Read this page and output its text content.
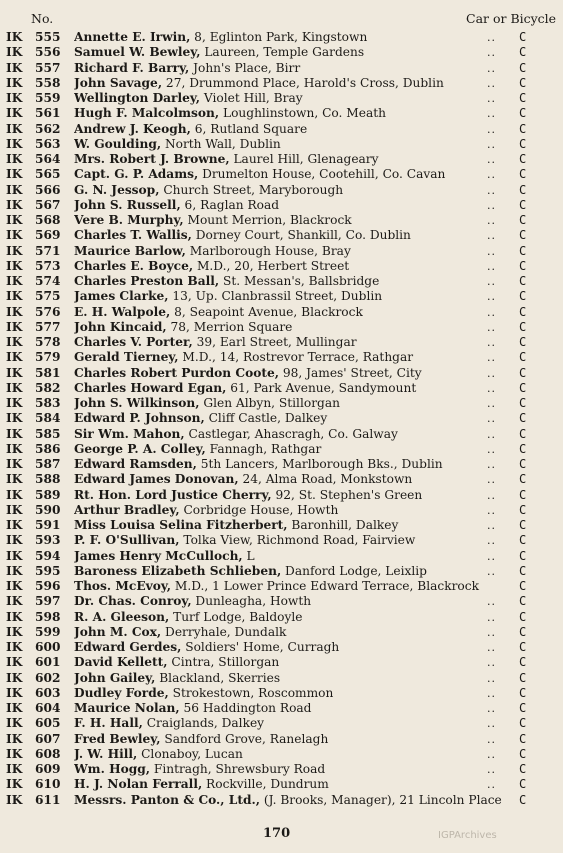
No.	Car or Bicycle
IK 555 Annette E. Irwin, 8, Eglinton Park, Kingstown	.. C
IK 556 Samuel W. Bewley, Laureen, Temple Gardens	.. C
IK 557 Richard F. Barry, John's Place, Birr	.. C
IK 558 John Savage, 27, Drummond Place, Harold's Cross, Dublin	.. C
IK 559 Wellington Darley, Violet Hill, Bray	.. C
IK 561 Hugh F. Malcolmson, Loughlinstown, Co. Meath	.. C
IK 562 Andrew J. Keogh, 6, Rutland Square	.. C
IK 563 W. Goulding, North Wall, Dublin	.. C
IK 564 Mrs. Robert J. Browne, Laurel Hill, Glenageary	.. C
IK 565 Capt. G. P. Adams, Drumelton House, Cootehill, Co. Cavan	.. C
IK 566 G. N. Jessop, Church Street, Maryborough	.. C
IK 567 John S. Russell, 6, Raglan Road	.. C
IK 568 Vere B. Murphy, Mount Merrion, Blackrock	.. C
IK 569 Charles T. Wallis, Dorney Court, Shankill, Co. Dublin	.. C
IK 571 Maurice Barlow, Marlborough House, Bray	.. C
IK 573 Charles E. Boyce, M.D., 20, Herbert Street	.. C
IK 574 Charles Preston Ball, St. Messan's, Ballsbridge	.. C
IK 575 James Clarke, 13, Up. Clanbrassil Street, Dublin	.. C
IK 576 E. H. Walpole, 8, Seapoint Avenue, Blackrock	.. C
IK 577 John Kincaid, 78, Merrion Square	.. C
IK 578 Charles V. Porter, 39, Earl Street, Mullingar	.. C
IK 579 Gerald Tierney, M.D., 14, Rostrevor Terrace, Rathgar	.. C
IK 581 Charles Robert Purdon Coote, 98, James' Street, City	.. C
IK 582 Charles Howard Egan, 61, Park Avenue, Sandymount	.. C
IK 583 John S. Wilkinson, Glen Albyn, Stillorgan	.. C
IK 584 Edward P. Johnson, Cliff Castle, Dalkey	.. C
IK 585 Sir Wm. Mahon, Castlegar, Ahascragh, Co. Galway	.. C
IK 586 George P. A. Colley, Fannagh, Rathgar	.. C
IK 587 Edward Ramsden, 5th Lancers, Marlborough Bks., Dublin	.. C
IK 588 Edward James Donovan, 24, Alma Road, Monkstown	.. C
IK 589 Rt. Hon. Lord Justice Cherry, 92, St. Stephen's Green	.. C
IK 590 Arthur Bradley, Corbridge House, Howth	.. C
IK 591 Miss Louisa Selina Fitzherbert, Baronhill, Dalkey	.. C
IK 593 P. F. O'Sullivan, Tolka View, Richmond Road, Fairview	.. C
IK 594 James Henry McCulloch, L	.. C
IK 595 Baroness Elizabeth Schlieben, Danford Lodge, Leixlip	.. C
IK 596 Thos. McEvoy, M.D., 1 Lower Prince Edward Terrace, Blackrock	C
IK 597 Dr. Chas. Conroy, Dunleagha, Howth	.. C
IK 598 R. A. Gleeson, Turf Lodge, Baldoyle	.. C
IK 599 John M. Cox, Derryhale, Dundalk	.. C
IK 600 Edward Gerdes, Soldiers' Home, Curragh	.. C
IK 601 David Kellett, Cintra, Stillorgan	.. C
IK 602 John Gailey, Blackland, Skerries	.. C
IK 603 Dudley Forde, Strokestown, Roscommon	.. C
IK 604 Maurice Nolan, 56 Haddington Road	.. C
IK 605 F. H. Hall, Craiglands, Dalkey	.. C
IK 607 Fred Bewley, Sandford Grove, Ranelagh	.. C
IK 608 J. W. Hill, Clonaboy, Lucan	.. C
IK 609 Wm. Hogg, Fintragh, Shrewsbury Road	.. C
IK 610 H. J. Nolan Ferrall, Rockville, Dundrum	.. C
IK 611 Messrs. Panton & Co., Ltd., (J. Brooks, Manager), 21 Lincoln Place	C
170	IGPArchives
